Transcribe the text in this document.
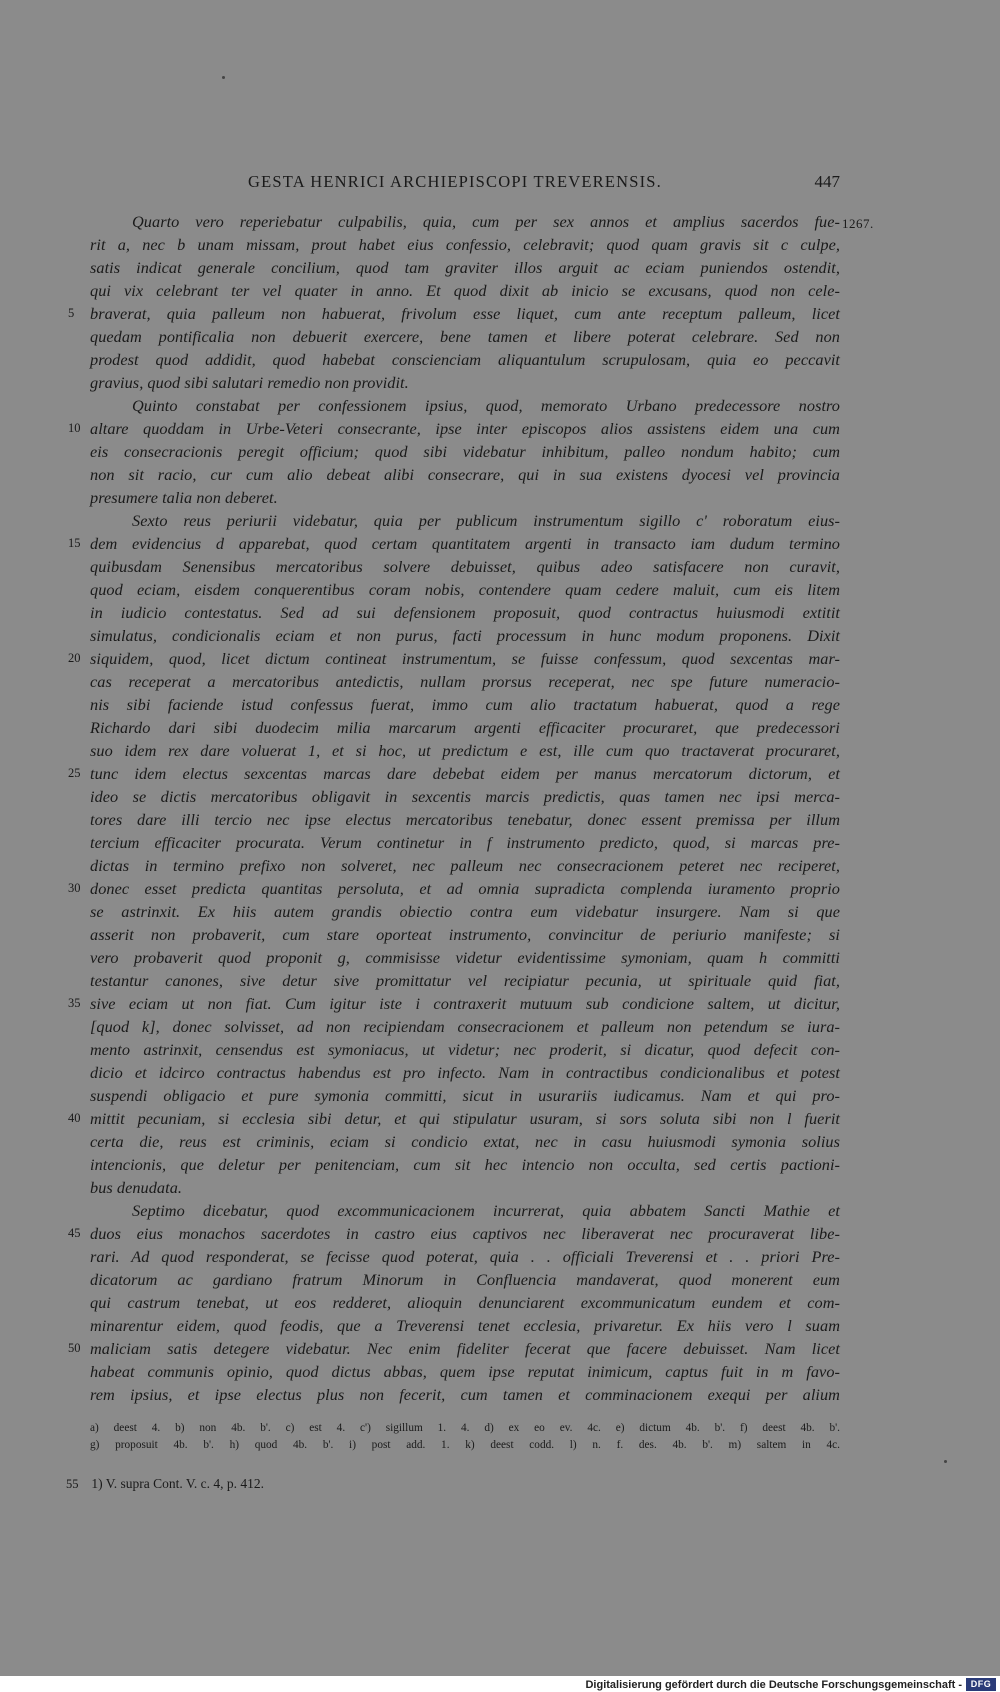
GESTA HENRICI ARCHIEPISCOPI TREVERENSIS.	447
1267.
Quarto vero reperiebatur culpabilis, quia, cum per sex annos et amplius sacerdos fue-
rit a, nec b unam missam, prout habet eius confessio, celebravit; quod quam gravis sit c culpe,
satis indicat generale concilium, quod tam graviter illos arguit ac eciam puniendos ostendit,
qui vix celebrant ter vel quater in anno. Et quod dixit ab inicio se excusans, quod non cele-
5 braverat, quia palleum non habuerat, frivolum esse liquet, cum ante receptum palleum, licet
quedam pontificalia non debuerit exercere, bene tamen et libere poterat celebrare. Sed non
prodest quod addidit, quod habebat conscienciam aliquantulum scrupulosam, quia eo peccavit
gravius, quod sibi salutari remedio non providit.
Quinto constabat per confessionem ipsius, quod, memorato Urbano predecessore nostro
10 altare quoddam in Urbe-Veteri consecrante, ipse inter episcopos alios assistens eidem una cum
eis consecracionis peregit officium; quod sibi videbatur inhibitum, palleo nondum habito; cum
non sit racio, cur cum alio debeat alibi consecrare, qui in sua existens dyocesi vel provincia
presumere talia non deberet.
Sexto reus periurii videbatur, quia per publicum instrumentum sigillo c' roboratum eius-
15 dem evidencius d apparebat, quod certam quantitatem argenti in transacto iam dudum termino
quibusdam Senensibus mercatoribus solvere debuisset, quibus adeo satisfacere non curavit,
quod eciam, eisdem conquerentibus coram nobis, contendere quam cedere maluit, cum eis litem
in iudicio contestatus. Sed ad sui defensionem proposuit, quod contractus huiusmodi extitit
simulatus, condicionalis eciam et non purus, facti processum in hunc modum proponens. Dixit
20 siquidem, quod, licet dictum contineat instrumentum, se fuisse confessum, quod sexcentas mar-
cas receperat a mercatoribus antedictis, nullam prorsus receperat, nec spe future numeracio-
nis sibi faciende istud confessus fuerat, immo cum alio tractatum habuerat, quod a rege
Richardo dari sibi duodecim milia marcarum argenti efficaciter procuraret, que predecessori
suo idem rex dare voluerat 1, et si hoc, ut predictum e est, ille cum quo tractaverat procuraret,
25 tunc idem electus sexcentas marcas dare debebat eidem per manus mercatorum dictorum, et
ideo se dictis mercatoribus obligavit in sexcentis marcis predictis, quas tamen nec ipsi merca-
tores dare illi tercio nec ipse electus mercatoribus tenebatur, donec essent premissa per illum
tercium efficaciter procurata. Verum continetur in f instrumento predicto, quod, si marcas pre-
dictas in termino prefixo non solveret, nec palleum nec consecracionem peteret nec reciperet,
30 donec esset predicta quantitas persoluta, et ad omnia supradicta complenda iuramento proprio
se astrinxit. Ex hiis autem grandis obiectio contra eum videbatur insurgere. Nam si que
asserit non probaverit, cum stare oporteat instrumento, convincitur de periurio manifeste; si
vero probaverit quod proponit g, commisisse videtur evidentissime symoniam, quam h committi
testantur canones, sive detur sive promittatur vel recipiatur pecunia, ut spirituale quid fiat,
35 sive eciam ut non fiat. Cum igitur iste i contraxerit mutuum sub condicione saltem, ut dicitur,
[quod k], donec solvisset, ad non recipiendam consecracionem et palleum non petendum se iura-
mento astrinxit, censendus est symoniacus, ut videtur; nec proderit, si dicatur, quod defecit con-
dicio et idcirco contractus habendus est pro infecto. Nam in contractibus condicionalibus et potest
suspendi obligacio et pure symonia committi, sicut in usurariis iudicamus. Nam et qui pro-
40 mittit pecuniam, si ecclesia sibi detur, et qui stipulatur usuram, si sors soluta sibi non l fuerit
certa die, reus est criminis, eciam si condicio extat, nec in casu huiusmodi symonia solius
intencionis, que deletur per penitenciam, cum sit hec intencio non occulta, sed certis pactioni-
bus denudata.
Septimo dicebatur, quod excommunicacionem incurrerat, quia abbatem Sancti Mathie et
45 duos eius monachos sacerdotes in castro eius captivos nec liberaverat nec procuraverat libe-
rari. Ad quod responderat, se fecisse quod poterat, quia . . officiali Treverensi et . . priori Pre-
dicatorum ac gardiano fratrum Minorum in Confluencia mandaverat, quod monerent eum
qui castrum tenebat, ut eos redderet, alioquin denunciarent excommunicatum eundem et com-
minarentur eidem, quod feodis, que a Treverensi tenet ecclesia, privaretur. Ex hiis vero l suam
50 maliciam satis detegere videbatur. Nec enim fideliter fecerat que facere debuisset. Nam licet
habeat communis opinio, quod dictus abbas, quem ipse reputat inimicum, captus fuit in m favo-
rem ipsius, et ipse electus plus non fecerit, cum tamen et comminacionem exequi per alium
a) deest 4. b) non 4b. b'. c) est 4. c') sigillum 1. 4. d) ex eo ev. 4c. e) dictum 4b. b'. f) deest 4b. b'.
g) proposuit 4b. b'. h) quod 4b. b'. i) post add. 1. k) deest codd. l) n. f. des. 4b. b'. m) saltem in 4c.
55 1) V. supra Cont. V. c. 4, p. 412.
Digitalisierung gefördert durch die Deutsche Forschungsgemeinschaft - DFG
